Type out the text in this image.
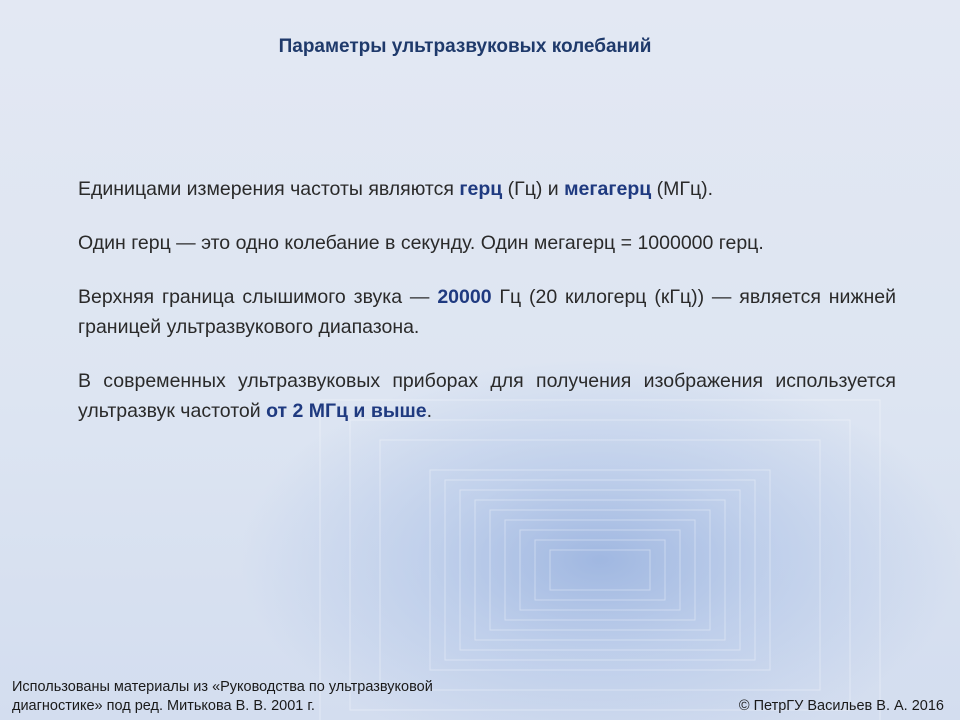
Параметры ультразвуковых колебаний

Единицами измерения частоты являются герц (Гц) и мегагерц (МГц).

Один герц — это одно колебание в секунду. Один мегагерц = 1000000 герц.

Верхняя граница слышимого звука — 20000 Гц (20 килогерц (кГц)) — является нижней границей ультразвукового диапазона.

В современных ультразвуковых приборах для получения изображения используется ультразвук частотой от 2 МГц и выше.

Использованы материалы из «Руководства по ультразвуковой
диагностике» под ред. Митькова В. В. 2001 г.	© ПетрГУ Васильев В. А. 2016
